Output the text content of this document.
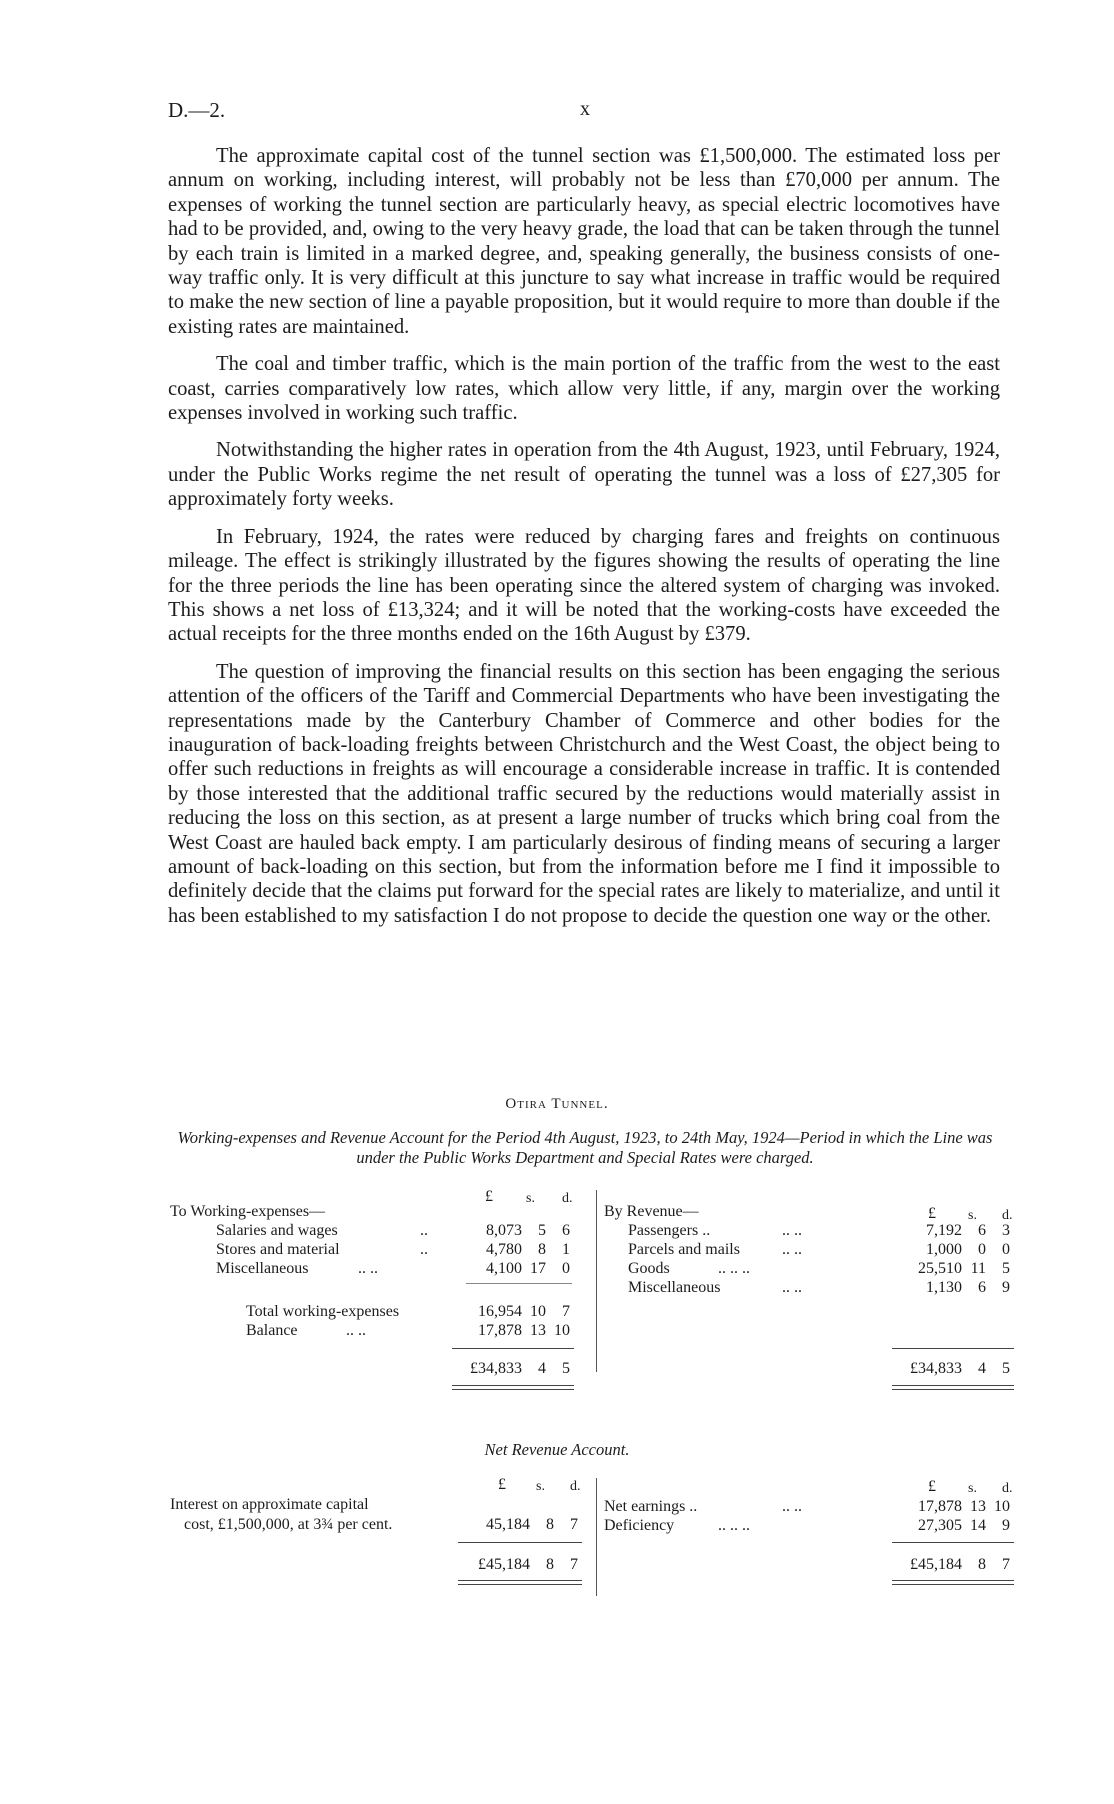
D.—2.	x

The approximate capital cost of the tunnel section was £1,500,000. The estimated loss per annum on working, including interest, will probably not be less than £70,000 per annum. The expenses of working the tunnel section are particularly heavy, as special electric locomotives have had to be provided, and, owing to the very heavy grade, the load that can be taken through the tunnel by each train is limited in a marked degree, and, speaking generally, the business consists of one-way traffic only. It is very difficult at this juncture to say what increase in traffic would be required to make the new section of line a payable proposition, but it would require to more than double if the existing rates are maintained.

The coal and timber traffic, which is the main portion of the traffic from the west to the east coast, carries comparatively low rates, which allow very little, if any, margin over the working expenses involved in working such traffic.

Notwithstanding the higher rates in operation from the 4th August, 1923, until February, 1924, under the Public Works regime the net result of operating the tunnel was a loss of £27,305 for approximately forty weeks.

In February, 1924, the rates were reduced by charging fares and freights on continuous mileage. The effect is strikingly illustrated by the figures showing the results of operating the line for the three periods the line has been operating since the altered system of charging was invoked. This shows a net loss of £13,324; and it will be noted that the working-costs have exceeded the actual receipts for the three months ended on the 16th August by £379.

The question of improving the financial results on this section has been engaging the serious attention of the officers of the Tariff and Commercial Departments who have been investigating the representations made by the Canterbury Chamber of Commerce and other bodies for the inauguration of back-loading freights between Christchurch and the West Coast, the object being to offer such reductions in freights as will encourage a considerable increase in traffic. It is contended by those interested that the additional traffic secured by the reductions would materially assist in reducing the loss on this section, as at present a large number of trucks which bring coal from the West Coast are hauled back empty. I am particularly desirous of finding means of securing a larger amount of back-loading on this section, but from the information before me I find it impossible to definitely decide that the claims put forward for the special rates are likely to materialize, and until it has been established to my satisfaction I do not propose to decide the question one way or the other.

Otira Tunnel.
Working-expenses and Revenue Account for the Period 4th August, 1923, to 24th May, 1924—Period in which the Line was under the Public Works Department and Special Rates were charged.
£ s. d.
To Working-expenses—
Salaries and wages	..	8,073	5	6
Stores and material	..	4,780	8	1
Miscellaneous	.. ..	4,100 17	0
Total working-expenses	16,954 10	7
Balance	.. ..	17,878 13 10
£34,833	4	5
By Revenue—	£ s. d.
Passengers ..	.. ..	7,192	6	3
Parcels and mails	.. ..	1,000	0	0
Goods	.. .. ..	25,510 11	5
Miscellaneous	.. ..	1,130	6	9
£34,833	4	5
Net Revenue Account.
£ s. d.
Interest on approximate capital
cost, £1,500,000, at 3¾ per cent.	45,184	8	7
£45,184	8	7
£ s. d.
Net earnings ..	.. ..	17,878 13 10
Deficiency	.. .. ..	27,305 14	9
£45,184	8	7
